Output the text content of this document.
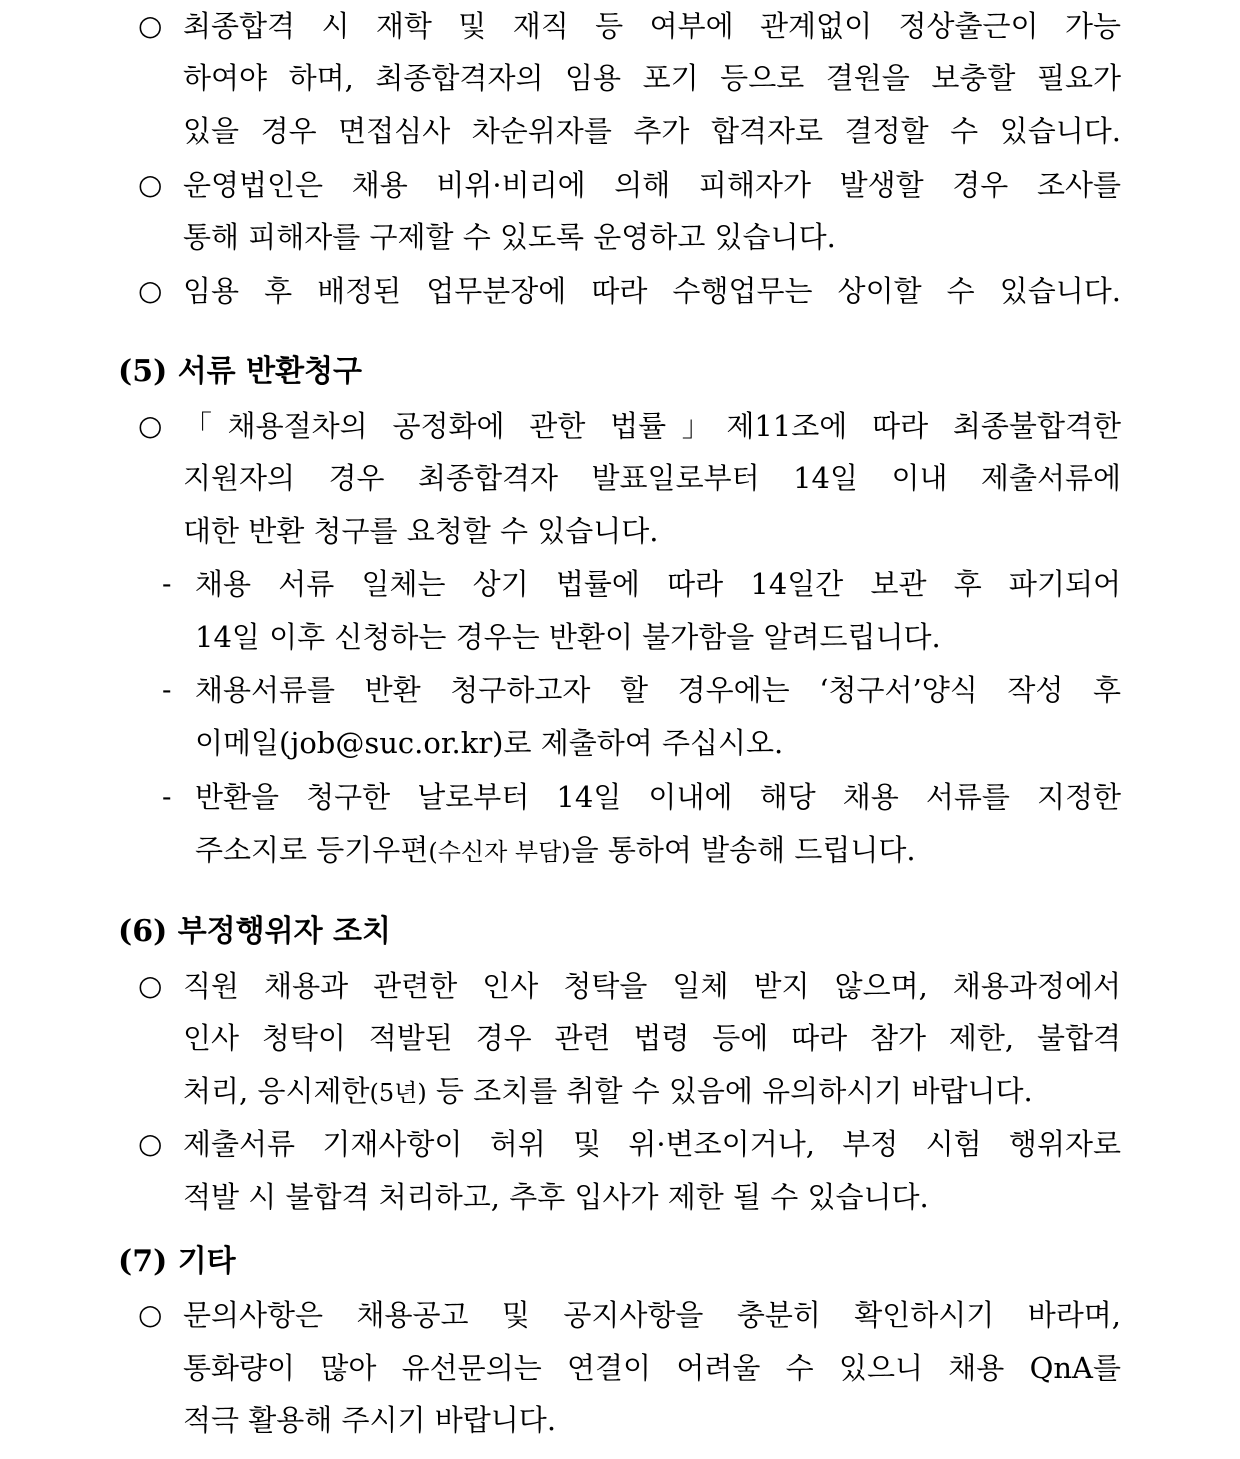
○ 최종합격 시 재학 및 재직 등 여부에 관계없이 정상출근이 가능
하여야 하며, 최종합격자의 임용 포기 등으로 결원을 보충할 필요가
있을 경우 면접심사 차순위자를 추가 합격자로 결정할 수 있습니다.
○ 운영법인은 채용 비위·비리에 의해 피해자가 발생할 경우 조사를
통해 피해자를 구제할 수 있도록 운영하고 있습니다.
○ 임용 후 배정된 업무분장에 따라 수행업무는 상이할 수 있습니다.
(5) 서류 반환청구
○ 「채용절차의 공정화에 관한 법률」제11조에 따라 최종불합격한
지원자의 경우 최종합격자 발표일로부터 14일 이내 제출서류에
대한 반환 청구를 요청할 수 있습니다.
- 채용 서류 일체는 상기 법률에 따라 14일간 보관 후 파기되어
14일 이후 신청하는 경우는 반환이 불가함을 알려드립니다.
- 채용서류를 반환 청구하고자 할 경우에는 ‘청구서’양식 작성 후
이메일(job@suc.or.kr)로 제출하여 주십시오.
- 반환을 청구한 날로부터 14일 이내에 해당 채용 서류를 지정한
주소지로 등기우편(수신자 부담)을 통하여 발송해 드립니다.
(6) 부정행위자 조치
○ 직원 채용과 관련한 인사 청탁을 일체 받지 않으며, 채용과정에서
인사 청탁이 적발된 경우 관련 법령 등에 따라 참가 제한, 불합격
처리, 응시제한(5년) 등 조치를 취할 수 있음에 유의하시기 바랍니다.
○ 제출서류 기재사항이 허위 및 위·변조이거나, 부정 시험 행위자로
적발 시 불합격 처리하고, 추후 입사가 제한 될 수 있습니다.
(7) 기타
○ 문의사항은 채용공고 및 공지사항을 충분히 확인하시기 바라며,
통화량이 많아 유선문의는 연결이 어려울 수 있으니 채용 QnA를
적극 활용해 주시기 바랍니다.
